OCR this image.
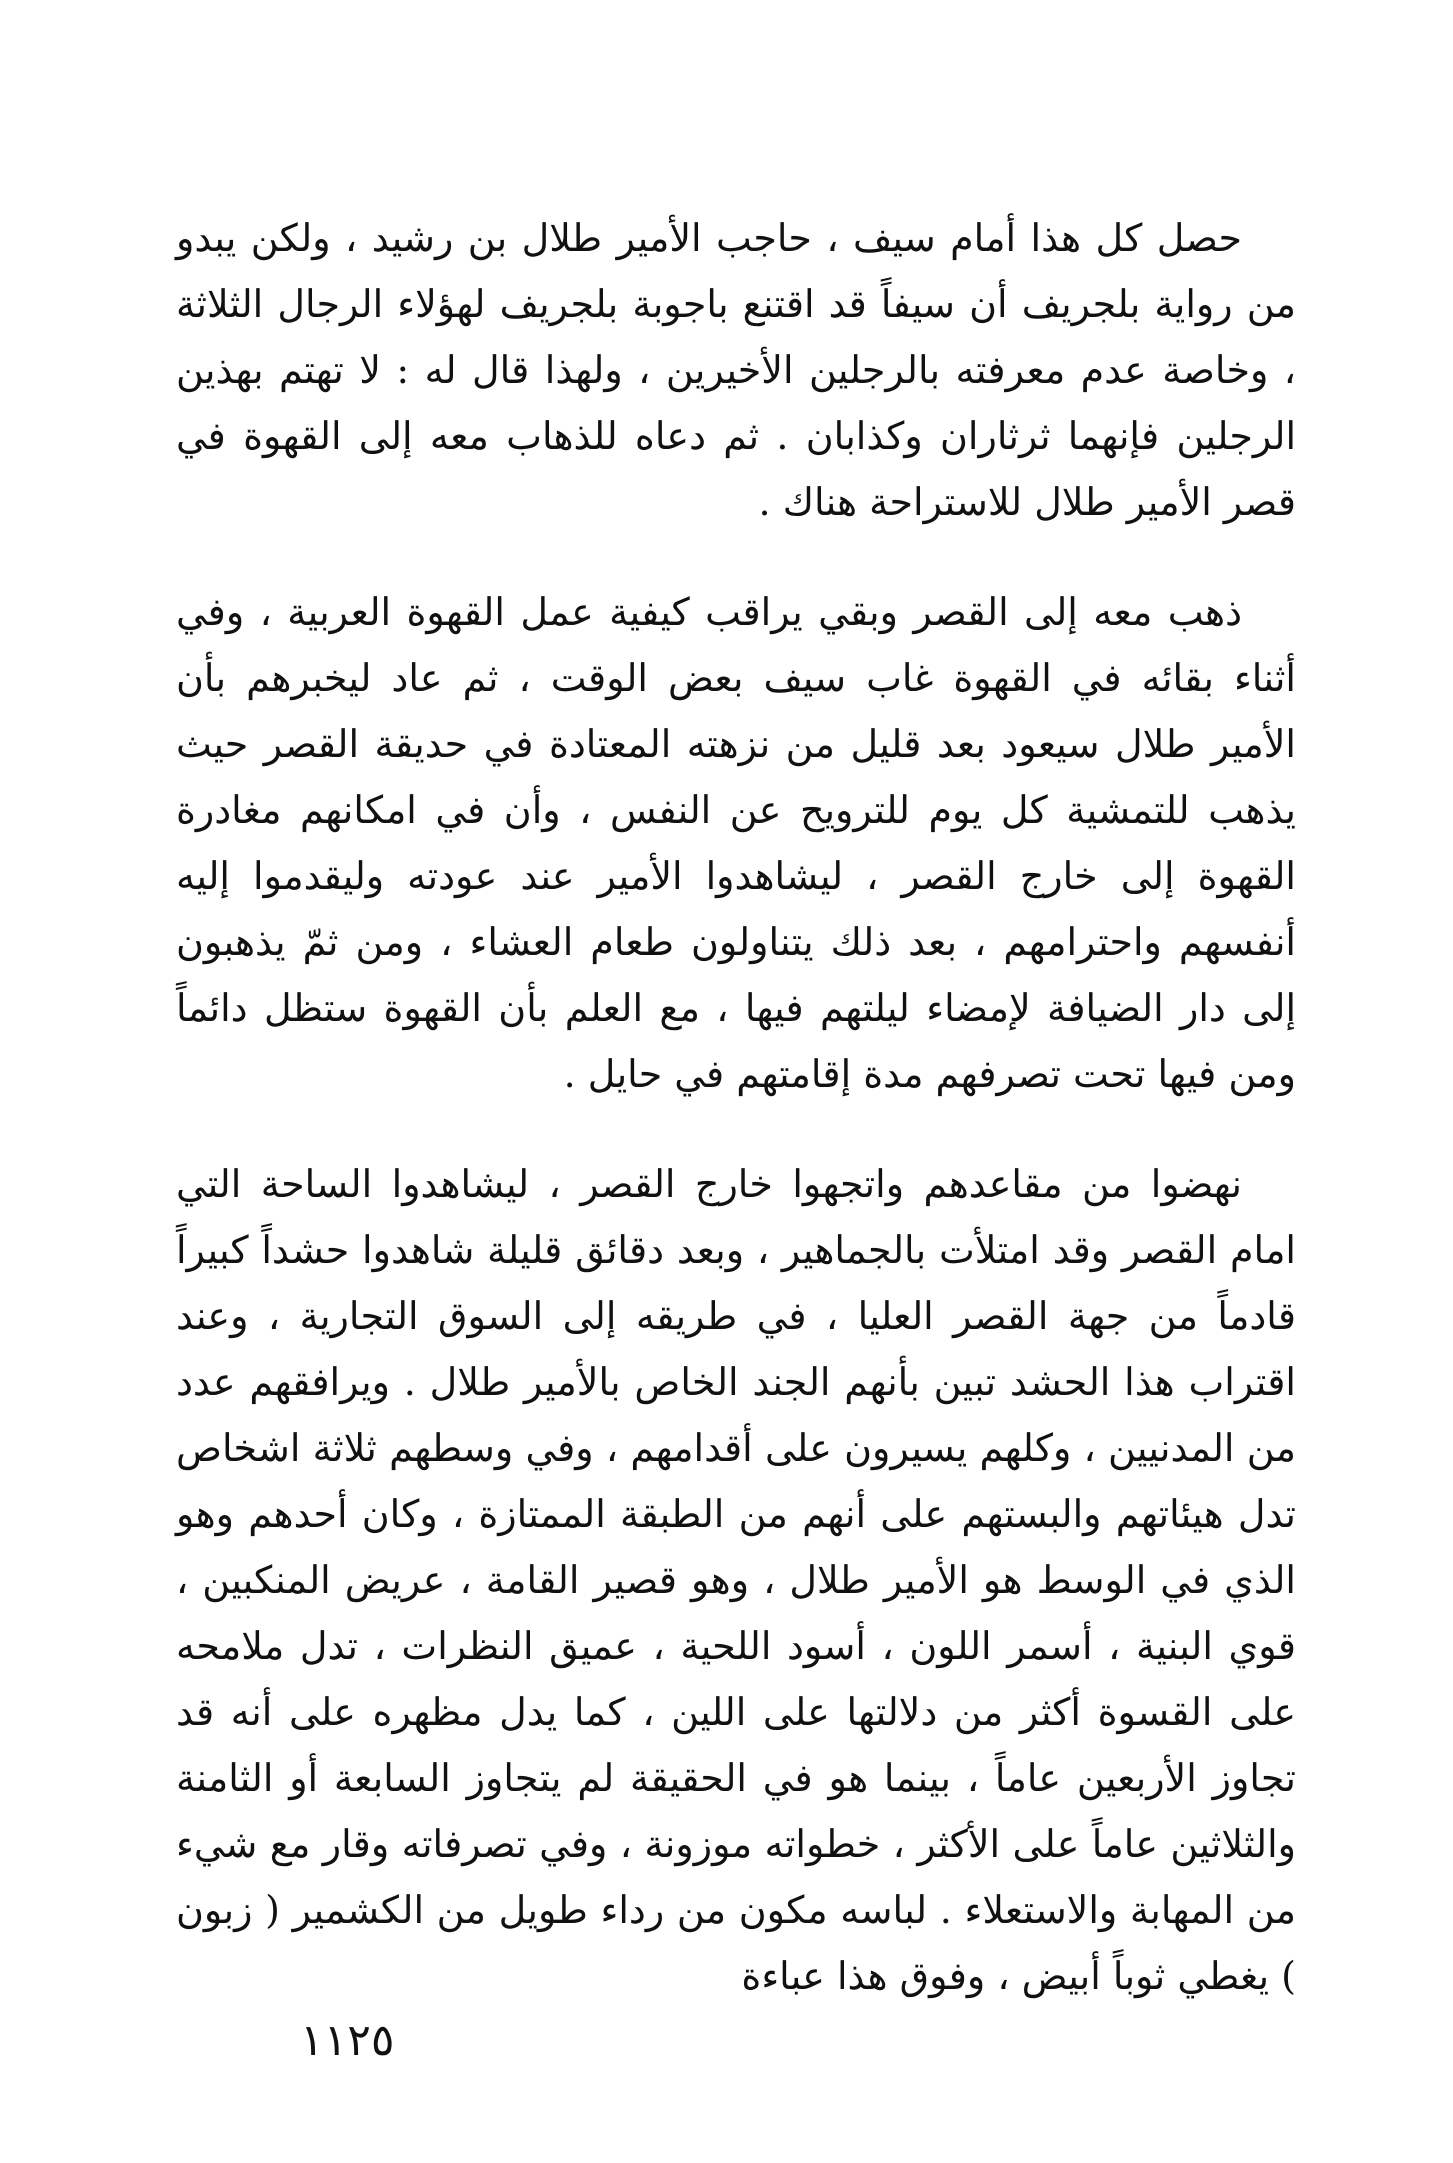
حصل كل هذا أمام سيف ، حاجب الأمير طلال بن رشيد ، ولكن يبدو من رواية بلجريف أن سيفاً قد اقتنع باجوبة بلجريف لهؤلاء الرجال الثلاثة ، وخاصة عدم معرفته بالرجلين الأخيرين ، ولهذا قال له : لا تهتم بهذين الرجلين فإنهما ثرثاران وكذابان . ثم دعاه للذهاب معه إلى القهوة في قصر الأمير طلال للاستراحة هناك .

ذهب معه إلى القصر وبقي يراقب كيفية عمل القهوة العربية ، وفي أثناء بقائه في القهوة غاب سيف بعض الوقت ، ثم عاد ليخبرهم بأن الأمير طلال سيعود بعد قليل من نزهته المعتادة في حديقة القصر حيث يذهب للتمشية كل يوم للترويح عن النفس ، وأن في امكانهم مغادرة القهوة إلى خارج القصر ، ليشاهدوا الأمير عند عودته وليقدموا إليه أنفسهم واحترامهم ، بعد ذلك يتناولون طعام العشاء ، ومن ثمّ يذهبون إلى دار الضيافة لإمضاء ليلتهم فيها ، مع العلم بأن القهوة ستظل دائماً ومن فيها تحت تصرفهم مدة إقامتهم في حايل .

نهضوا من مقاعدهم واتجهوا خارج القصر ، ليشاهدوا الساحة التي امام القصر وقد امتلأت بالجماهير ، وبعد دقائق قليلة شاهدوا حشداً كبيراً قادماً من جهة القصر العليا ، في طريقه إلى السوق التجارية ، وعند اقتراب هذا الحشد تبين بأنهم الجند الخاص بالأمير طلال . ويرافقهم عدد من المدنيين ، وكلهم يسيرون على أقدامهم ، وفي وسطهم ثلاثة اشخاص تدل هيئاتهم والبستهم على أنهم من الطبقة الممتازة ، وكان أحدهم وهو الذي في الوسط هو الأمير طلال ، وهو قصير القامة ، عريض المنكبين ، قوي البنية ، أسمر اللون ، أسود اللحية ، عميق النظرات ، تدل ملامحه على القسوة أكثر من دلالتها على اللين ، كما يدل مظهره على أنه قد تجاوز الأربعين عاماً ، بينما هو في الحقيقة لم يتجاوز السابعة أو الثامنة والثلاثين عاماً على الأكثر ، خطواته موزونة ، وفي تصرفاته وقار مع شيء من المهابة والاستعلاء . لباسه مكون من رداء طويل من الكشمير ( زبون ) يغطي ثوباً أبيض ، وفوق هذا عباءة

١١٢٥
